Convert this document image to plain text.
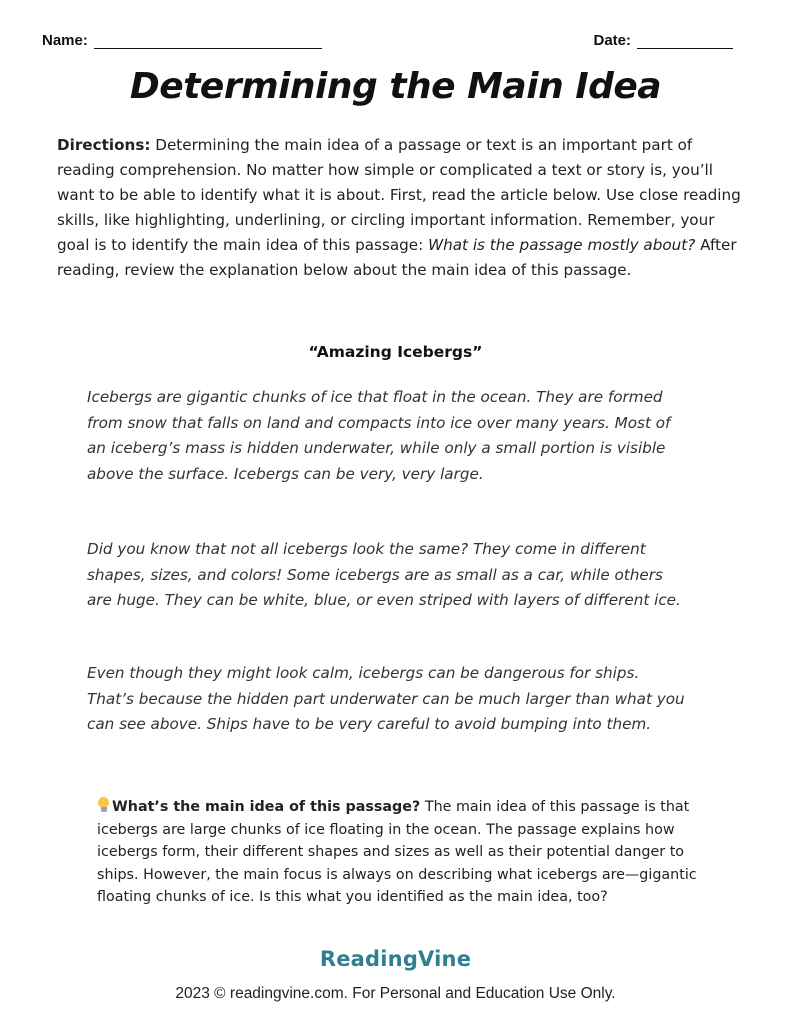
Name:	Date:
Determining the Main Idea

Directions: Determining the main idea of a passage or text is an important part of reading comprehension. No matter how simple or complicated a text or story is, you’ll want to be able to identify what it is about. First, read the article below. Use close reading skills, like highlighting, underlining, or circling important information. Remember, your goal is to identify the main idea of this passage: What is the passage mostly about? After reading, review the explanation below about the main idea of this passage.

“Amazing Icebergs”

Icebergs are gigantic chunks of ice that float in the ocean. They are formed from snow that falls on land and compacts into ice over many years. Most of an iceberg’s mass is hidden underwater, while only a small portion is visible above the surface. Icebergs can be very, very large.

Did you know that not all icebergs look the same? They come in different shapes, sizes, and colors! Some icebergs are as small as a car, while others are huge. They can be white, blue, or even striped with layers of different ice.

Even though they might look calm, icebergs can be dangerous for ships. That’s because the hidden part underwater can be much larger than what you can see above. Ships have to be very careful to avoid bumping into them.

What’s the main idea of this passage? The main idea of this passage is that icebergs are large chunks of ice floating in the ocean. The passage explains how icebergs form, their different shapes and sizes as well as their potential danger to ships. However, the main focus is always on describing what icebergs are—gigantic floating chunks of ice. Is this what you identified as the main idea, too?

ReadingVine
2023 © readingvine.com. For Personal and Education Use Only.
